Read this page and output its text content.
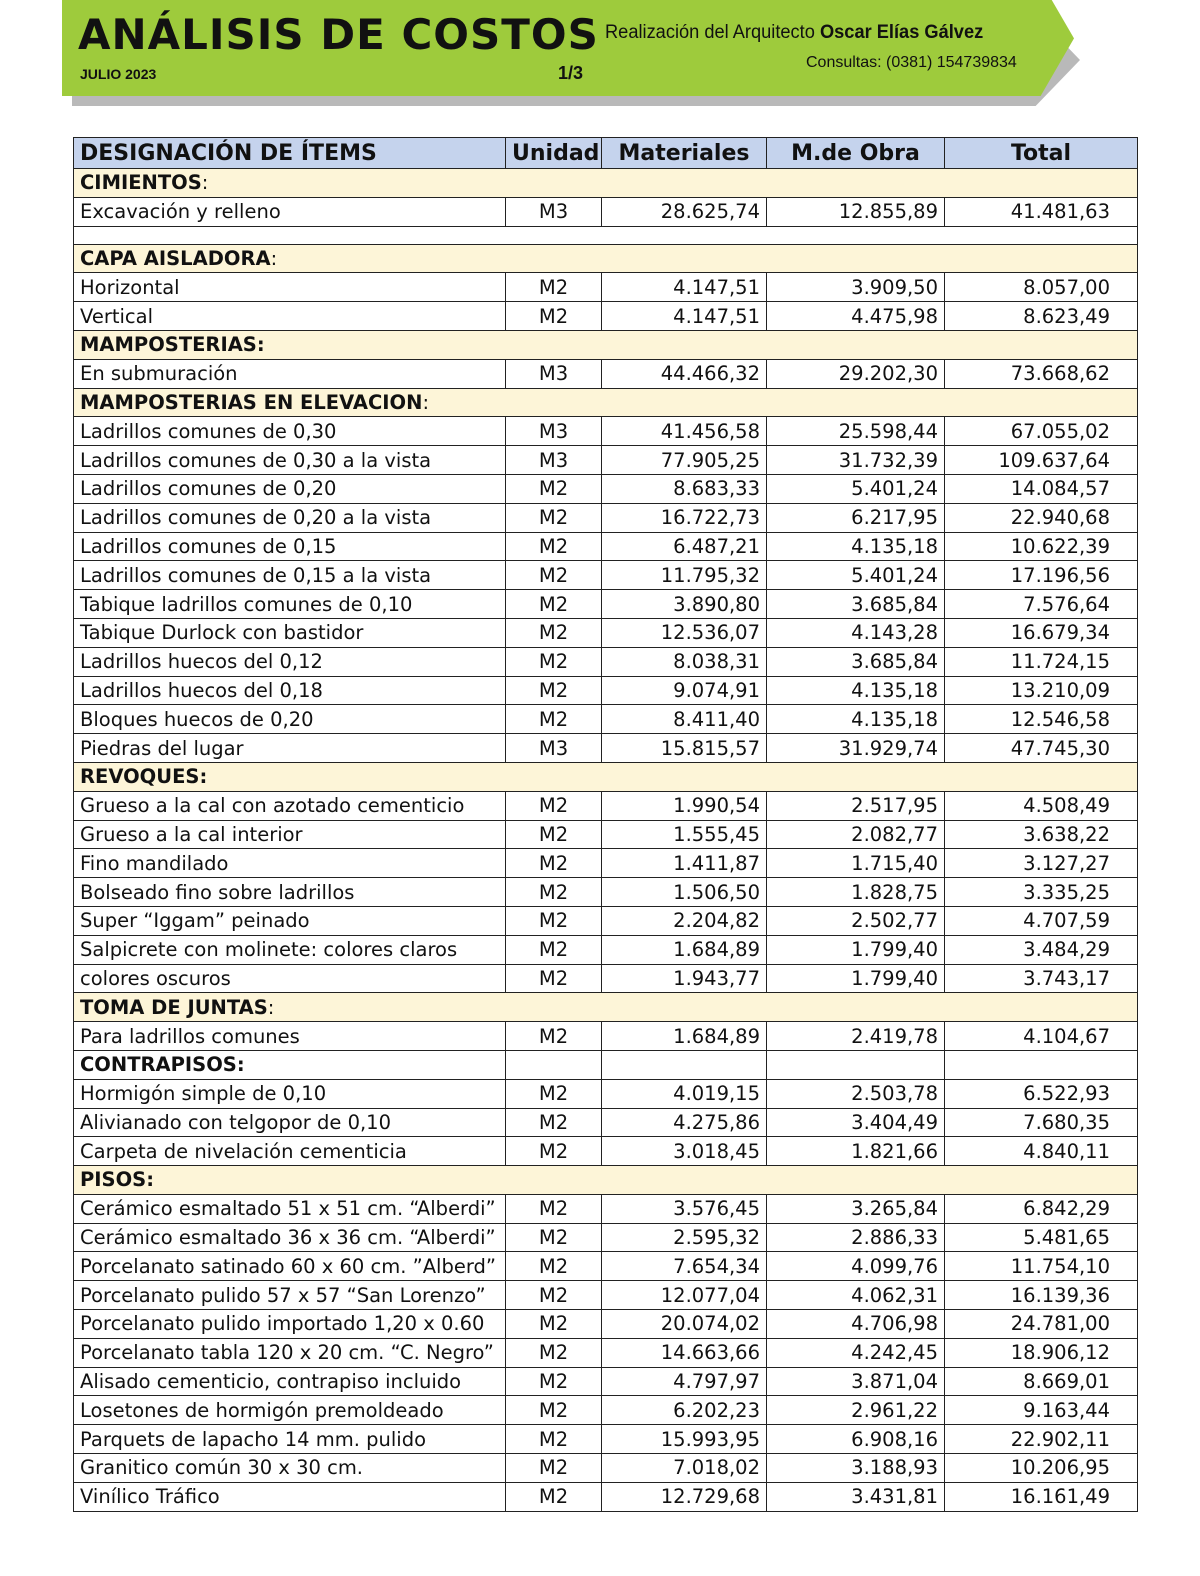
ANÁLISIS DE COSTOS
JULIO 2023	1/3
Realización del Arquitecto Oscar Elías Gálvez
Consultas: (0381) 154739834
DESIGNACIÓN DE ÍTEMS	Unidad	Materiales	M.de Obra	Total
CIMIENTOS:				
Excavación y relleno	M3	28.625,74	12.855,89	41.481,63

CAPA AISLADORA:				
Horizontal	M2	4.147,51	3.909,50	8.057,00
Vertical	M2	4.147,51	4.475,98	8.623,49
MAMPOSTERIAS:				
En submuración	M3	44.466,32	29.202,30	73.668,62
MAMPOSTERIAS EN ELEVACION:				
Ladrillos comunes de 0,30	M3	41.456,58	25.598,44	67.055,02
Ladrillos comunes de 0,30 a la vista	M3	77.905,25	31.732,39	109.637,64
Ladrillos comunes de 0,20	M2	8.683,33	5.401,24	14.084,57
Ladrillos comunes de 0,20 a la vista	M2	16.722,73	6.217,95	22.940,68
Ladrillos comunes de 0,15	M2	6.487,21	4.135,18	10.622,39
Ladrillos comunes de 0,15 a la vista	M2	11.795,32	5.401,24	17.196,56
Tabique ladrillos comunes de 0,10	M2	3.890,80	3.685,84	7.576,64
Tabique Durlock con bastidor	M2	12.536,07	4.143,28	16.679,34
Ladrillos huecos del 0,12	M2	8.038,31	3.685,84	11.724,15
Ladrillos huecos del 0,18	M2	9.074,91	4.135,18	13.210,09
Bloques huecos de 0,20	M2	8.411,40	4.135,18	12.546,58
Piedras del lugar	M3	15.815,57	31.929,74	47.745,30
REVOQUES:				
Grueso a la cal con azotado cementicio	M2	1.990,54	2.517,95	4.508,49
Grueso a la cal interior	M2	1.555,45	2.082,77	3.638,22
Fino mandilado	M2	1.411,87	1.715,40	3.127,27
Bolseado fino sobre ladrillos	M2	1.506,50	1.828,75	3.335,25
Super “Iggam” peinado	M2	2.204,82	2.502,77	4.707,59
Salpicrete con molinete: colores claros	M2	1.684,89	1.799,40	3.484,29
colores oscuros	M2	1.943,77	1.799,40	3.743,17
TOMA DE JUNTAS:				
Para ladrillos comunes	M2	1.684,89	2.419,78	4.104,67
CONTRAPISOS:				
Hormigón simple de 0,10	M2	4.019,15	2.503,78	6.522,93
Alivianado con telgopor de 0,10	M2	4.275,86	3.404,49	7.680,35
Carpeta de nivelación cementicia	M2	3.018,45	1.821,66	4.840,11
PISOS:				
Cerámico esmaltado 51 x 51 cm. “Alberdi”	M2	3.576,45	3.265,84	6.842,29
Cerámico esmaltado 36 x 36 cm. “Alberdi”	M2	2.595,32	2.886,33	5.481,65
Porcelanato satinado 60 x 60 cm. ”Alberd”	M2	7.654,34	4.099,76	11.754,10
Porcelanato pulido 57 x 57 “San Lorenzo”	M2	12.077,04	4.062,31	16.139,36
Porcelanato pulido importado 1,20 x 0.60	M2	20.074,02	4.706,98	24.781,00
Porcelanato tabla 120 x 20 cm. “C. Negro”	M2	14.663,66	4.242,45	18.906,12
Alisado cementicio, contrapiso incluido	M2	4.797,97	3.871,04	8.669,01
Losetones de hormigón premoldeado	M2	6.202,23	2.961,22	9.163,44
Parquets de lapacho 14 mm. pulido	M2	15.993,95	6.908,16	22.902,11
Granitico común 30 x 30 cm.	M2	7.018,02	3.188,93	10.206,95
Vinílico Tráfico	M2	12.729,68	3.431,81	16.161,49
